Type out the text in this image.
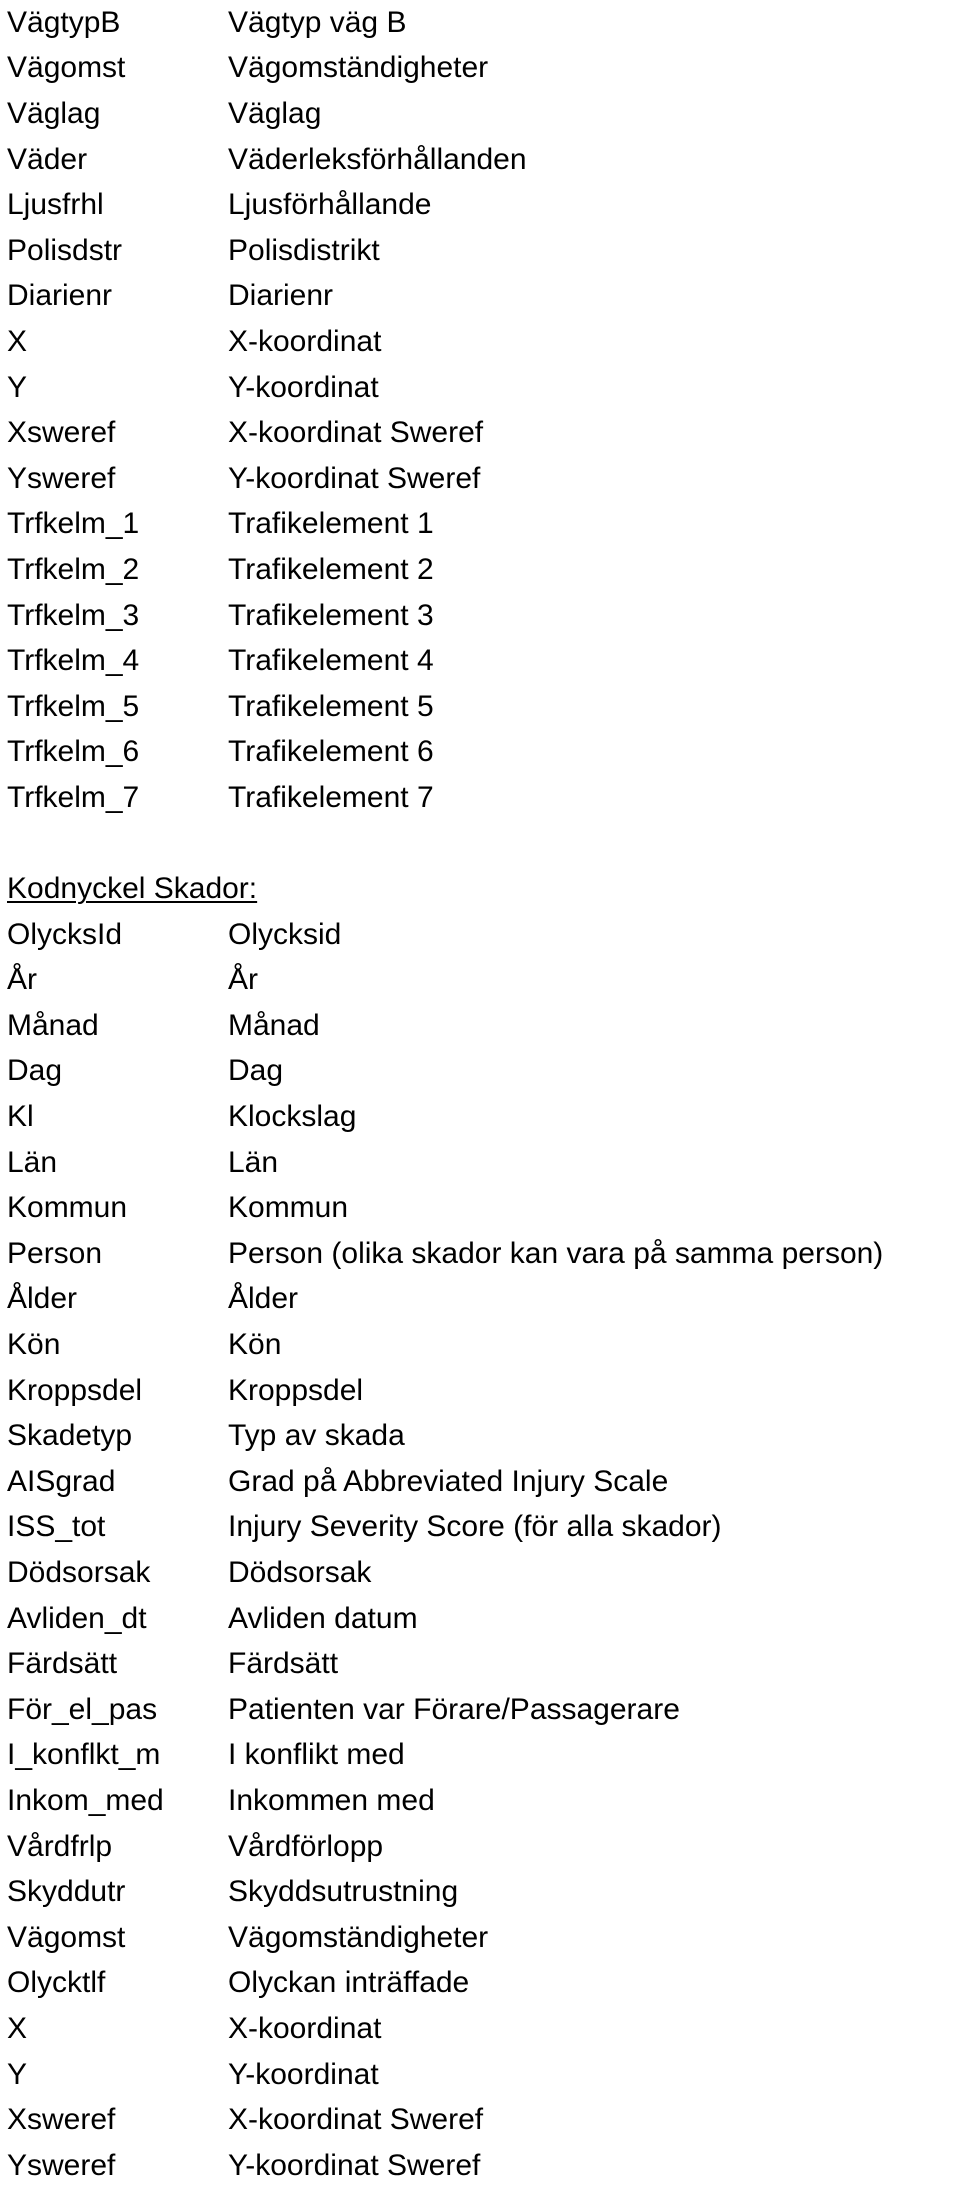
VägtypB	Vägtyp väg B
Vägomst	Vägomständigheter
Väglag	Väglag
Väder	Väderleksförhållanden
Ljusfrhl	Ljusförhållande
Polisdstr	Polisdistrikt
Diarienr	Diarienr
X	X-koordinat
Y	Y-koordinat
Xsweref	X-koordinat Sweref
Ysweref	Y-koordinat Sweref
Trfkelm_1	Trafikelement 1
Trfkelm_2	Trafikelement 2
Trfkelm_3	Trafikelement 3
Trfkelm_4	Trafikelement 4
Trfkelm_5	Trafikelement 5
Trfkelm_6	Trafikelement 6
Trfkelm_7	Trafikelement 7
Kodnyckel Skador:
OlycksId	Olycksid
År	År
Månad	Månad
Dag	Dag
Kl	Klockslag
Län	Län
Kommun	Kommun
Person	Person (olika skador kan vara på samma person)
Ålder	Ålder
Kön	Kön
Kroppsdel	Kroppsdel
Skadetyp	Typ av skada
AISgrad	Grad på Abbreviated Injury Scale
ISS_tot	Injury Severity Score (för alla skador)
Dödsorsak	Dödsorsak
Avliden_dt	Avliden datum
Färdsätt	Färdsätt
För_el_pas	Patienten var Förare/Passagerare
I_konflkt_m	I konflikt med
Inkom_med	Inkommen med
Vårdfrlp	Vårdförlopp
Skyddutr	Skyddsutrustning
Vägomst	Vägomständigheter
Olycktlf	Olyckan inträffade
X	X-koordinat
Y	Y-koordinat
Xsweref	X-koordinat Sweref
Ysweref	Y-koordinat Sweref
